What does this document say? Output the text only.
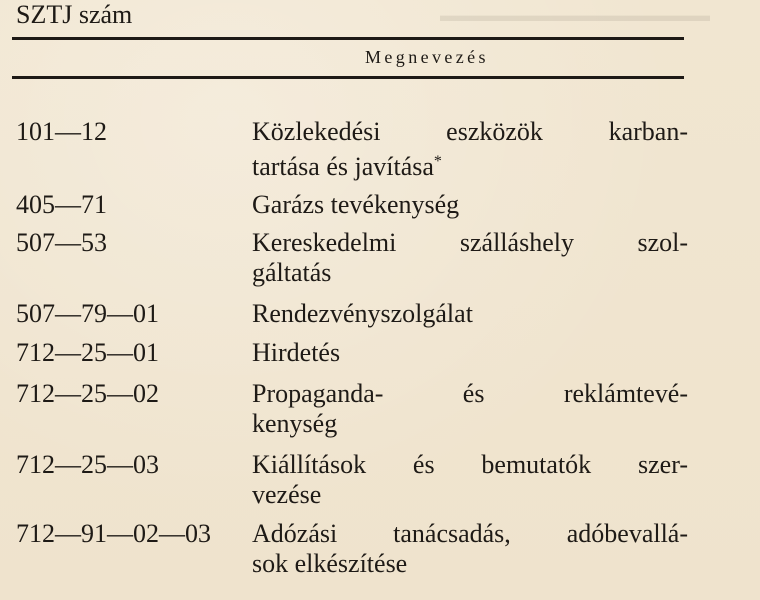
▬▬▬▬▬▬▬▬▬▬▬▬▬▬▬
SZTJ szám
Megnevezés
101—12	Közlekedési eszközök karban-
tartása és javítása*
405—71	Garázs tevékenység
507—53	Kereskedelmi szálláshely szol-
gáltatás
507—79—01	Rendezvényszolgálat
712—25—01	Hirdetés
712—25—02	Propaganda- és reklámtevé-
kenység
712—25—03	Kiállítások és bemutatók szer-
vezése
712—91—02—03 Adózási tanácsadás, adóbevallá-
sok elkészítése
